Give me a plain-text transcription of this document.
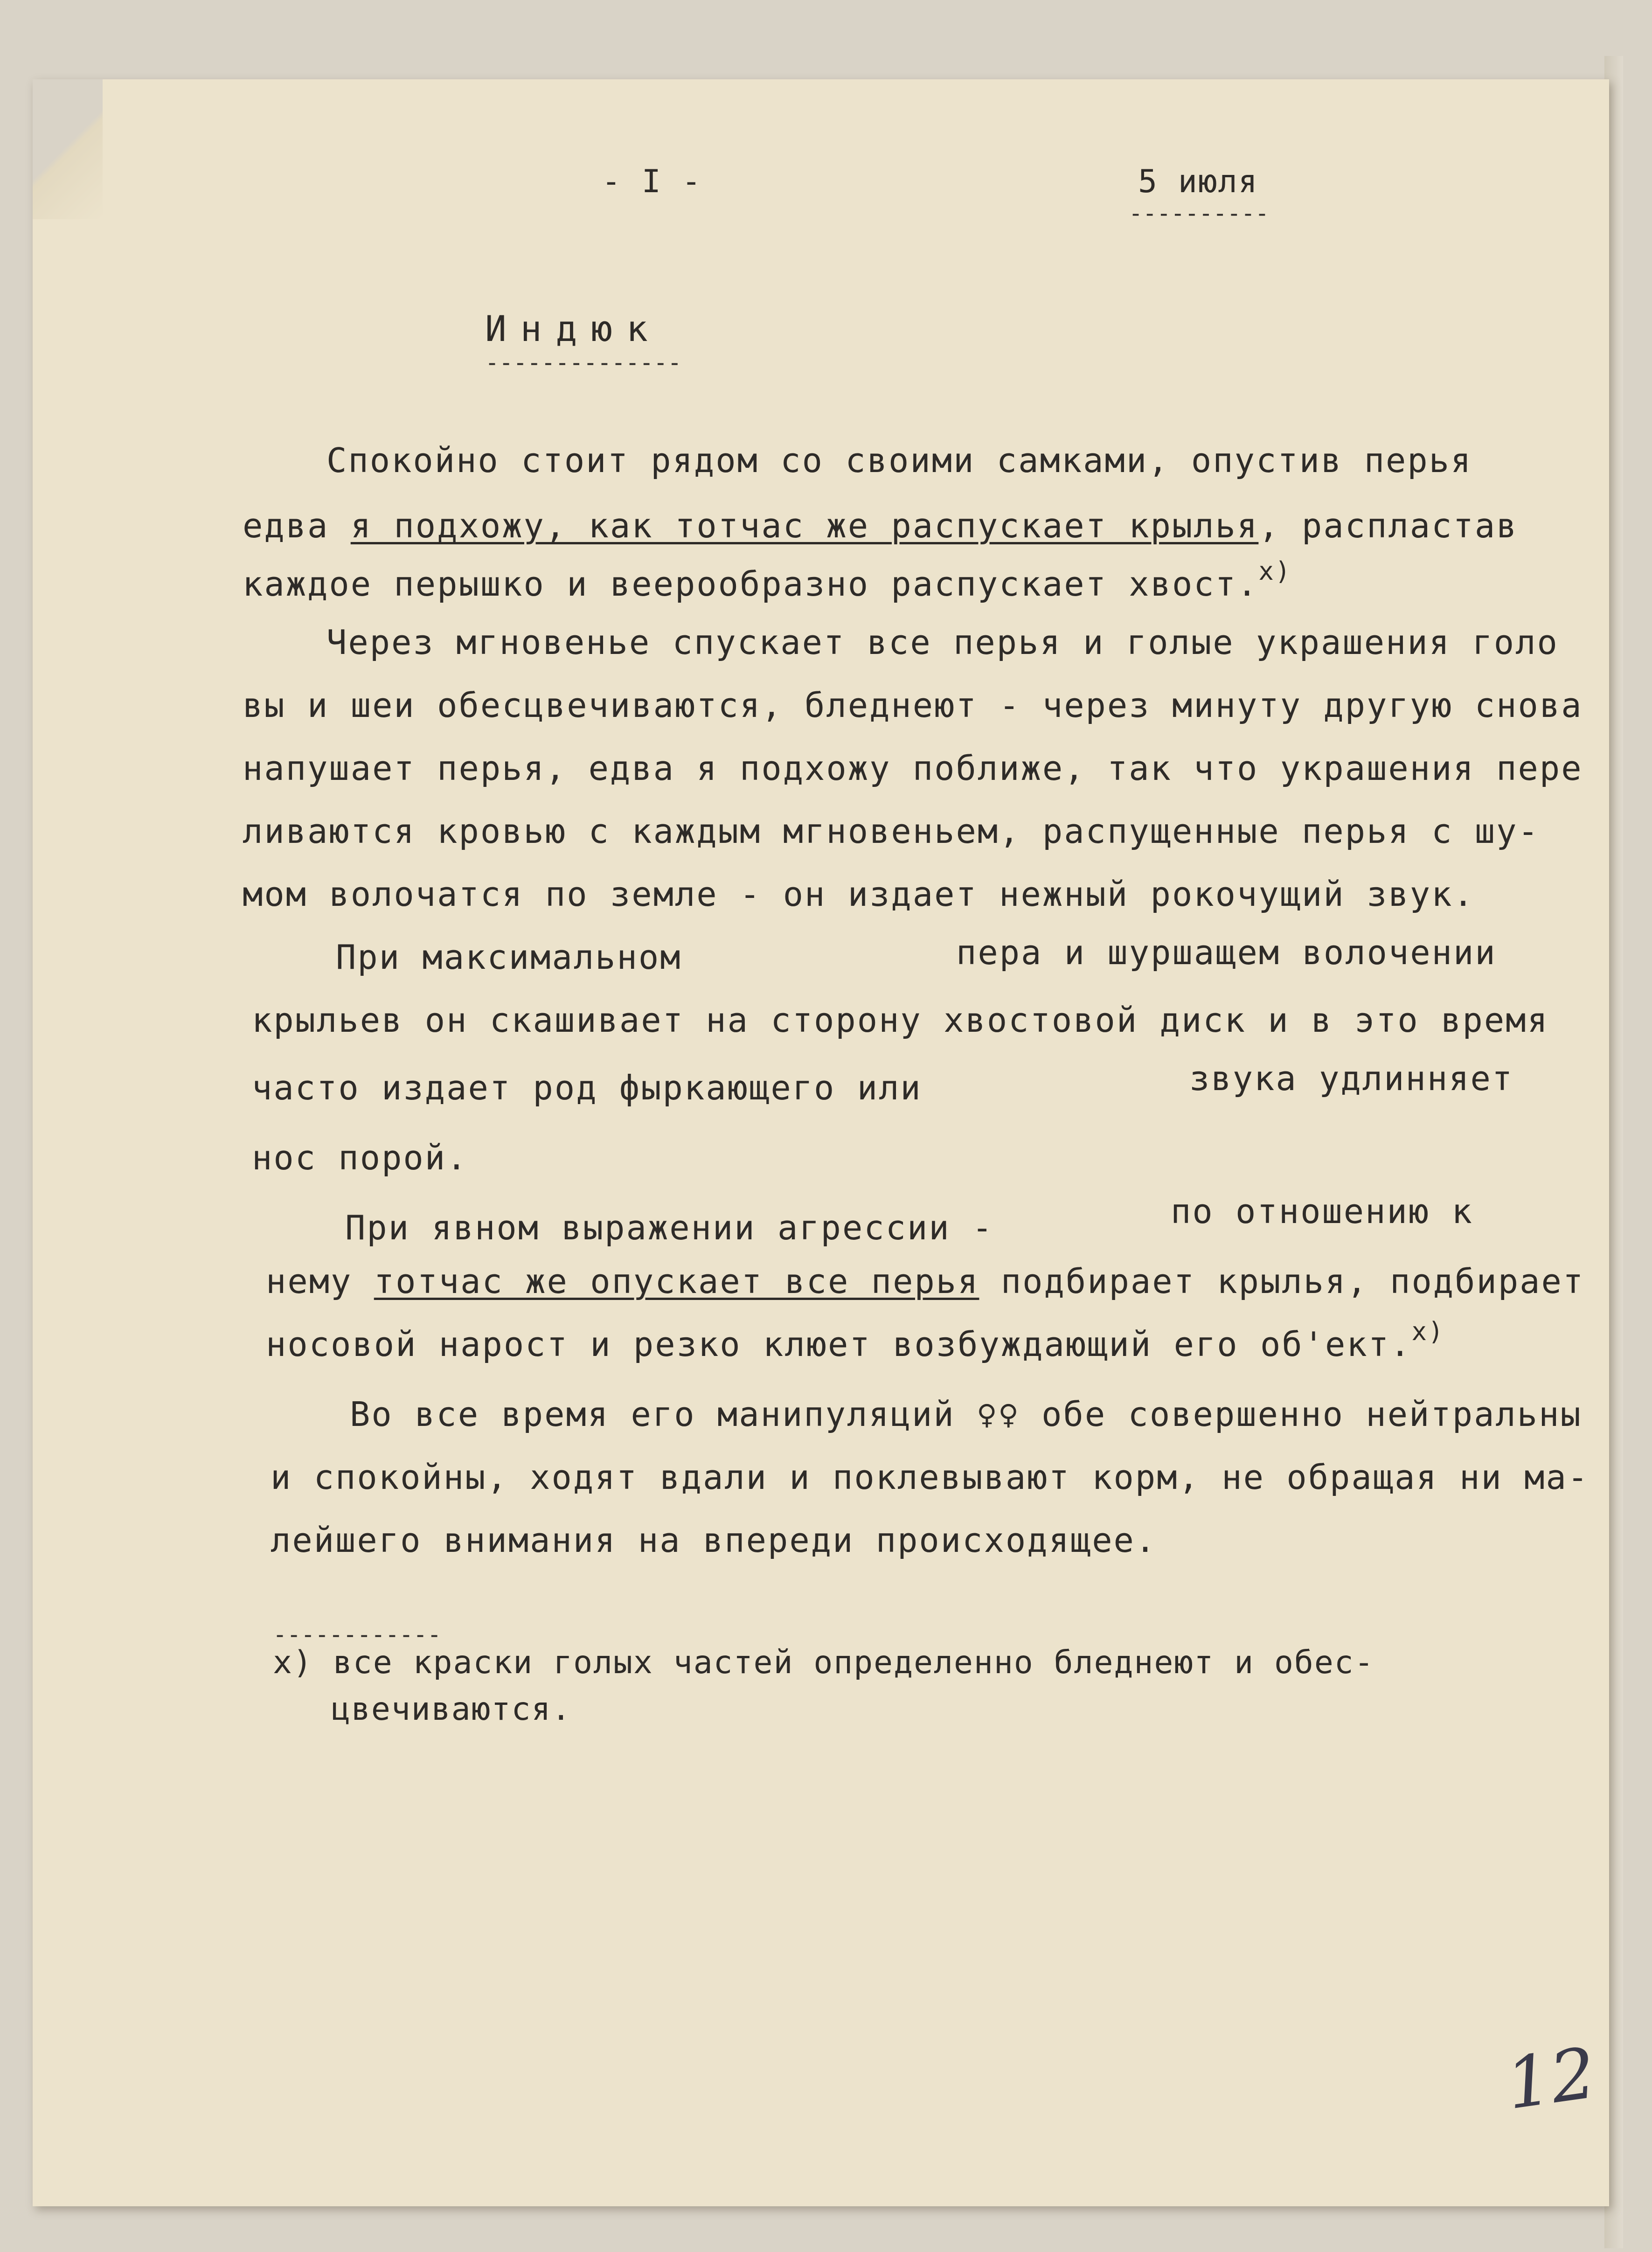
- I -	5 июля
----------
Индюк
--------------
Спокойно стоит рядом со своими самками, опустив перья
едва я подхожу, как тотчас же распускает крылья, распластав
каждое перышко и веерообразно распускает хвост.$^{x)}$
Через мгновенье спускает все перья и голые украшения голо
вы и шеи обесцвечиваются, бледнеют - через минуту другую снова
напушает перья, едва я подхожу поближе, так что украшения пере
ливаются кровью с каждым мгновеньем, распущенные перья с шу-
мом волочатся по земле - он издает нежный рокочущий звук.
При максимальном	пера и шуршащем волочении
крыльев он скашивает на сторону хвостовой диск и в это время
часто издает род фыркающего или	звука удлинняет
нос порой.
При явном выражении агрессии -	по отношению к
нему тотчас же опускает все перья подбирает крылья, подбирает
носовой нарост и резко клюет возбуждающий его об'ект.$^{x)}$
Во все время его манипуляций ♀♀ обе совершенно нейтральны
и спокойны, ходят вдали и поклевывают корм, не обращая ни ма-
лейшего внимания на впереди происходящее.
------------
x) все краски голых частей определенно бледнеют и обес-
цвечиваются.
12
